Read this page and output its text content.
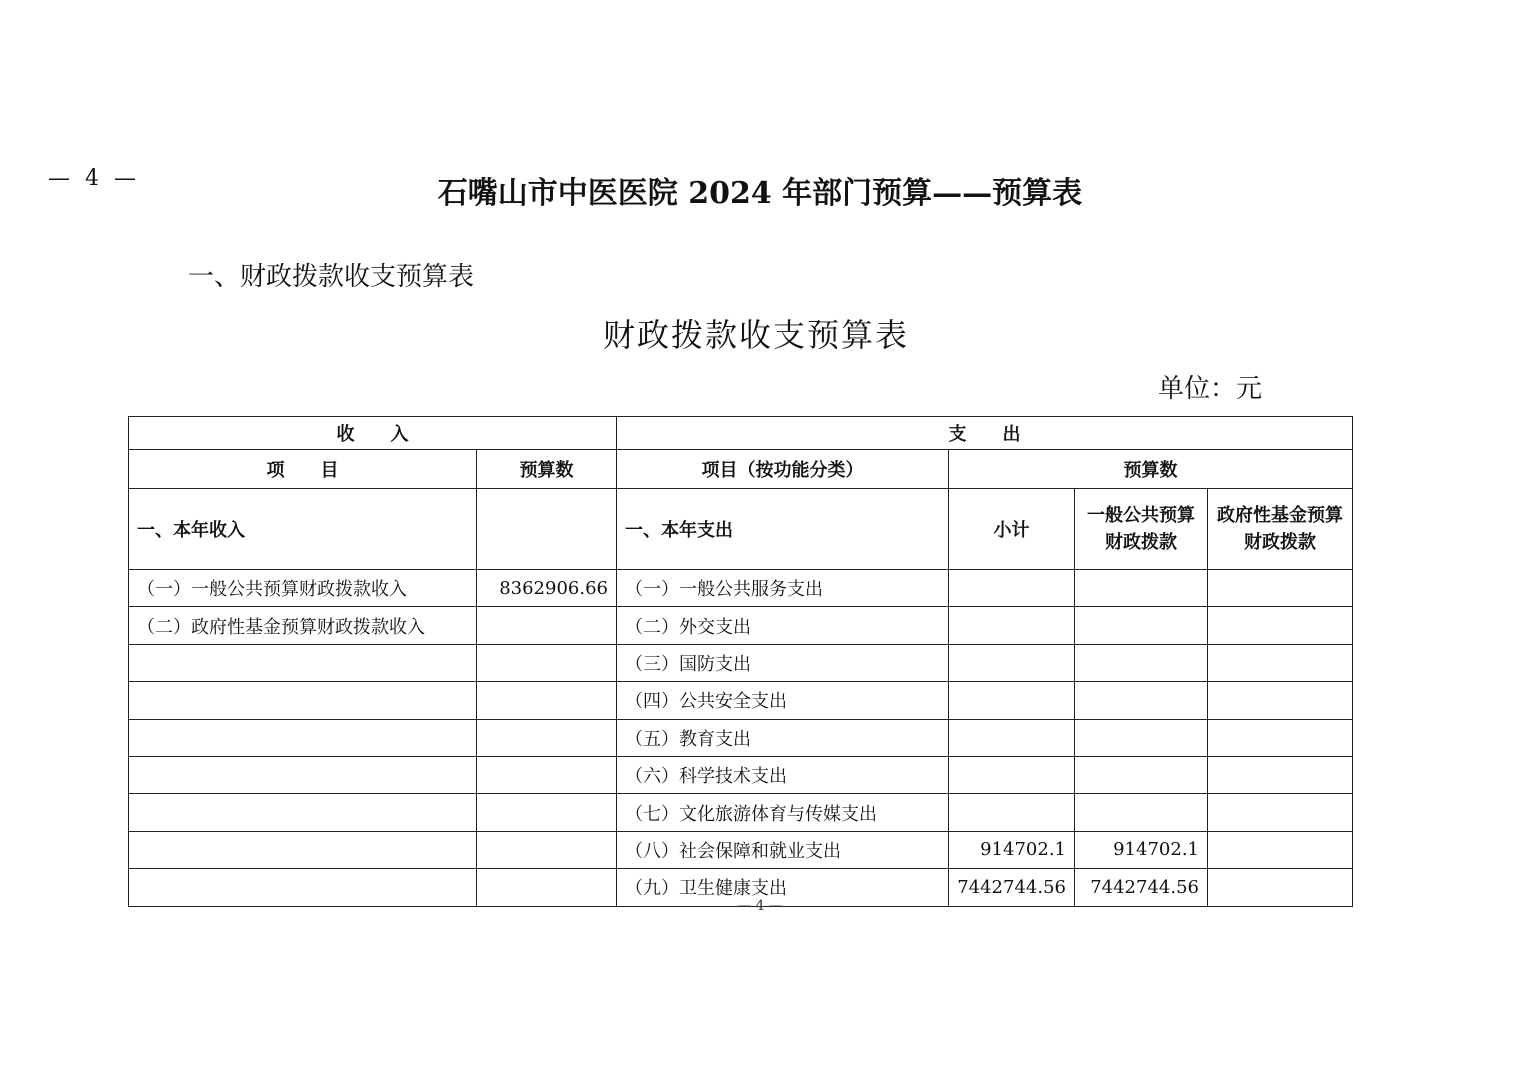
— 4 —	石嘴山市中医医院 2024 年部门预算——预算表
一、财政拨款收支预算表
财政拨款收支预算表
单位：元
收　　入		支　　出			
项　　目	预算数	项目（按功能分类）	预算数		
一、本年收入		一、本年支出	小计	一般公共预算财政拨款	政府性基金预算财政拨款
（一）一般公共预算财政拨款收入	8362906.66	（一）一般公共服务支出			
（二）政府性基金预算财政拨款收入		（二）外交支出			
		（三）国防支出			
		（四）公共安全支出			
		（五）教育支出			
		（六）科学技术支出			
		（七）文化旅游体育与传媒支出			
		（八）社会保障和就业支出	914702.1	914702.1	
		（九）卫生健康支出	7442744.56	7442744.56	
— 4 —
